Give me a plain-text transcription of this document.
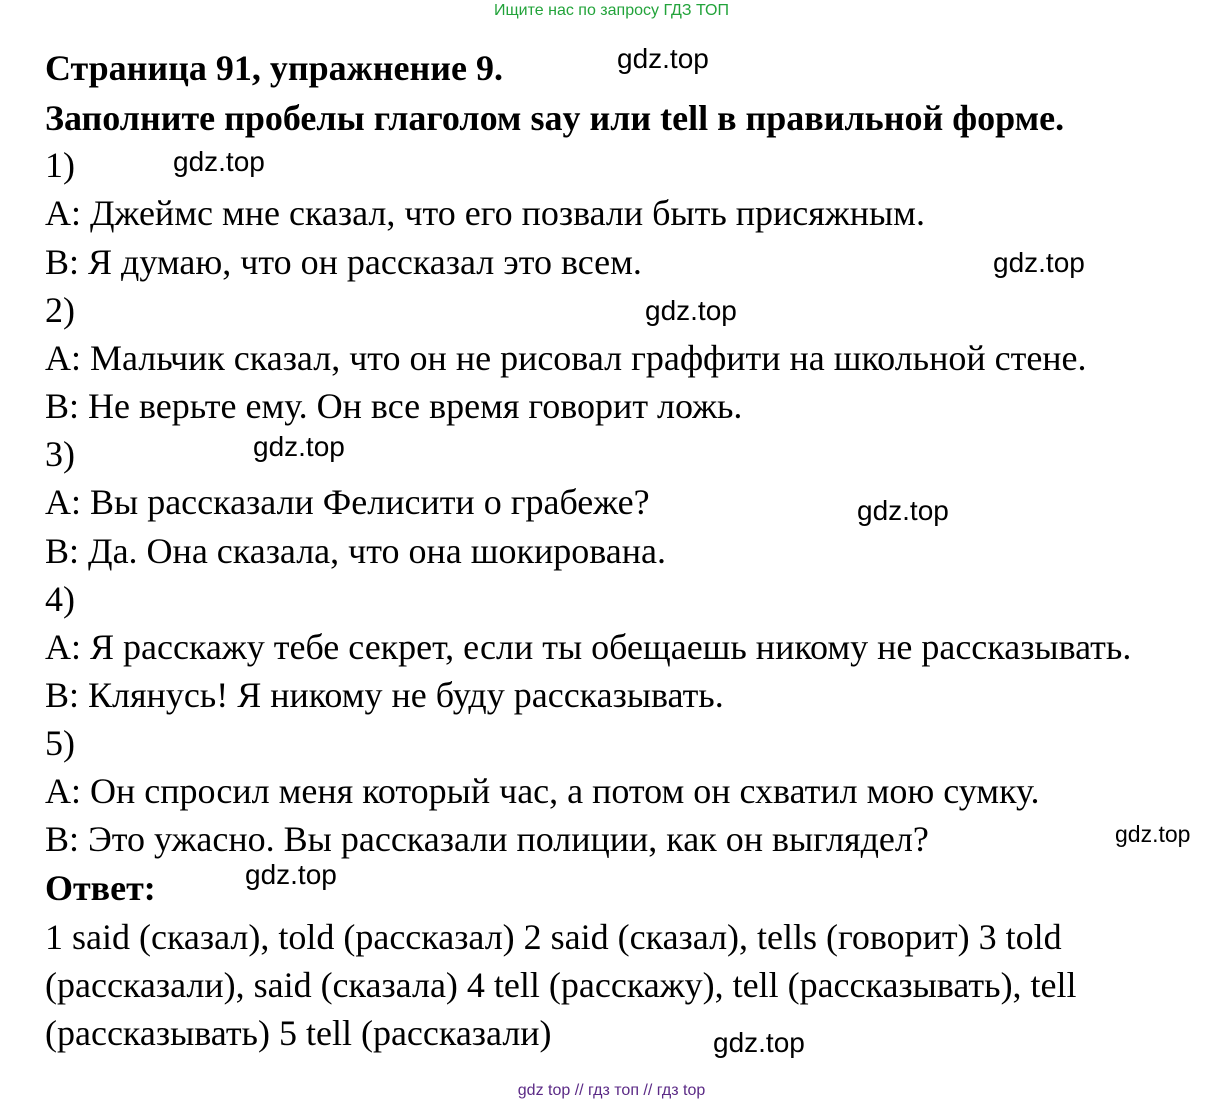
Ищите нас по запросу ГДЗ ТОП
Страница 91, упражнение 9.
Заполните пробелы глаголом say или tell в правильной форме.
1)
A: Джеймс мне сказал, что его позвали быть присяжным.
B: Я думаю, что он рассказал это всем.
2)
A: Мальчик сказал, что он не рисовал граффити на школьной стене.
B: Не верьте ему. Он все время говорит ложь.
3)
A: Вы рассказали Фелисити о грабеже?
B: Да. Она сказала, что она шокирована.
4)
A: Я расскажу тебе секрет, если ты обещаешь никому не рассказывать.
B: Клянусь! Я никому не буду рассказывать.
5)
A: Он спросил меня который час, а потом он схватил мою сумку.
B: Это ужасно. Вы рассказали полиции, как он выглядел?
Ответ:
1 said (сказал), told (рассказал) 2 said (сказал), tells (говорит) 3 told
(рассказали), said (сказала) 4 tell (расскажу), tell (рассказывать), tell
(рассказывать) 5 tell (рассказали)
gdz.top
gdz.top
gdz.top
gdz.top
gdz.top
gdz.top
gdz.top
gdz.top
gdz.top
gdz top // гдз топ // гдз top
